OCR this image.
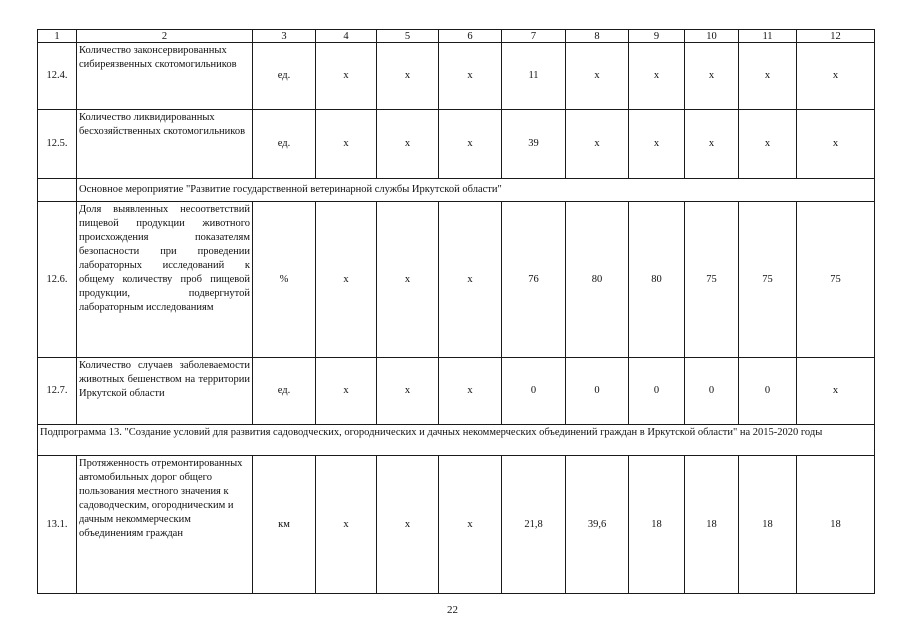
1	2	3	4	5	6	7	8	9	10	11	12
12.4.	Количество законсервированных сибиреязвенных скотомогильников	ед.	х	х	х	11	х	х	х	х	х
12.5.	Количество ликвидированных бесхозяйственных скотомогильников	ед.	х	х	х	39	х	х	х	х	х
	Основное мероприятие "Развитие государственной ветеринарной службы Иркутской области"										
12.6.	Доля выявленных несоответствий пищевой продукции животного происхождения показателям безопасности при проведении лабораторных исследований к общему количеству проб пищевой продукции, подвергнутой лабораторным исследованиям	%	х	х	х	76	80	80	75	75	75
12.7.	Количество случаев заболеваемости животных бешенством на территории Иркутской области	ед.	х	х	х	0	0	0	0	0	х
Подпрограмма 13. "Создание условий для развития садоводческих, огороднических и дачных некоммерческих объединений граждан в Иркутской области" на 2015-2020 годы											
13.1.	Протяженность отремонтированных автомобильных дорог общего пользования местного значения к садоводческим, огородническим и дачным некоммерческим объединениям граждан	км	х	х	х	21,8	39,6	18	18	18	18
22
